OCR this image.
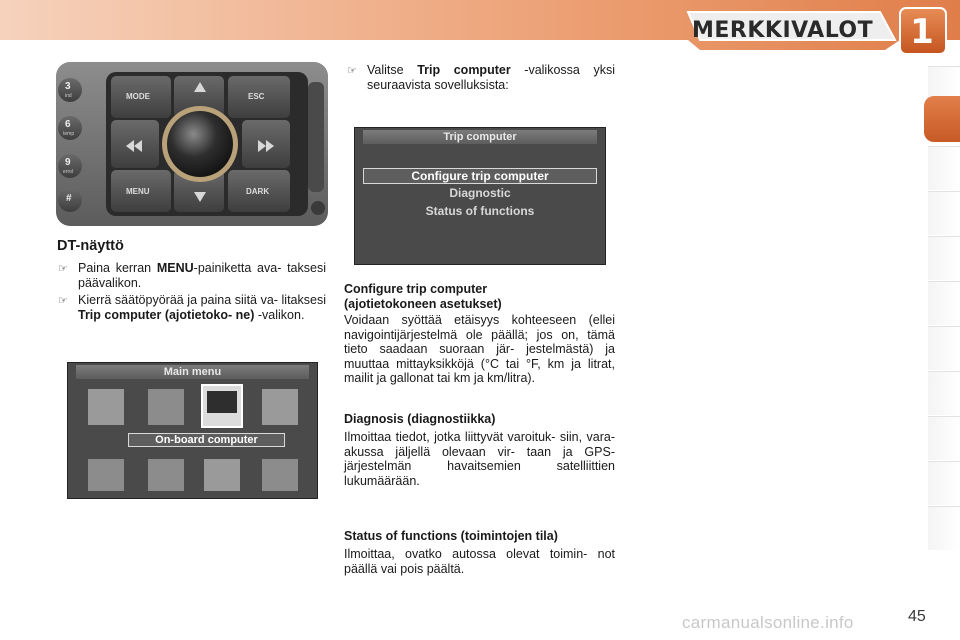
MERKKIVALOT 1
MODE	ESC
MENU	DARK
3
ind
6
temp
9
errol
#
DT-näyttö
☞ Paina kerran MENU-painiketta ava- taksesi päävalikon.
☞ Kierrä säätöpyörää ja paina siitä va- litaksesi Trip computer (ajotietoko- ne) -valikon.
Main menu
On-board computer
☞ Valitse Trip computer -valikossa yksi seuraavista sovelluksista:
Trip computer
Configure trip computer
Diagnostic
Status of functions
Configure trip computer
(ajotietokoneen asetukset)
Voidaan syöttää etäisyys kohteeseen (ellei navigointijärjestelmä ole päällä; jos on, tämä tieto saadaan suoraan jär- jestelmästä) ja muuttaa mittayksikköjä (°C tai °F, km ja litrat, mailit ja gallonat tai km ja km/litra).
Diagnosis (diagnostiikka)
Ilmoittaa tiedot, jotka liittyvät varoituk- siin, vara-akussa jäljellä olevaan vir- taan ja GPS-järjestelmän havaitsemien satelliittien lukumäärään.
Status of functions (toimintojen tila)
Ilmoittaa, ovatko autossa olevat toimin- not päällä vai pois päältä.
carmanualsonline.info	45
